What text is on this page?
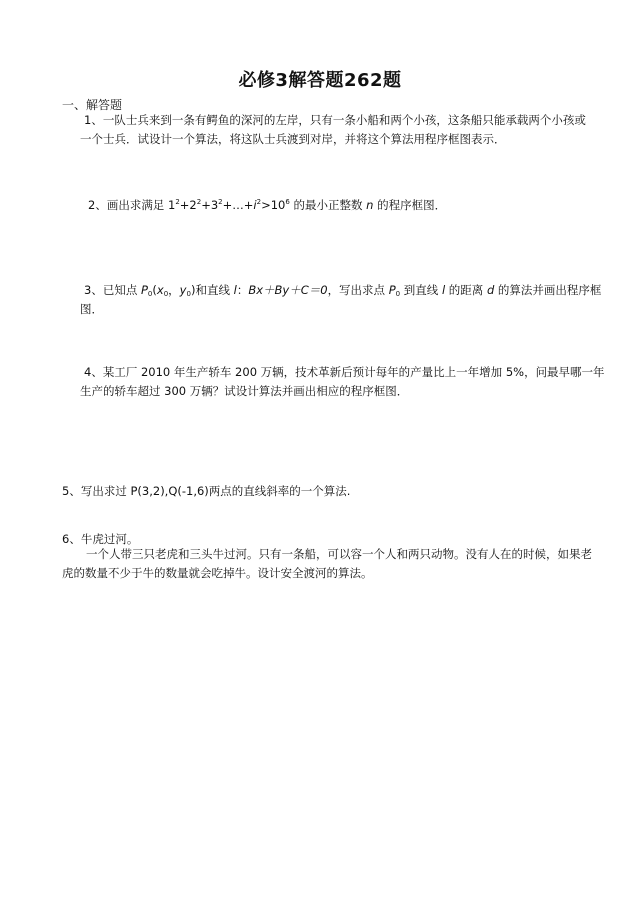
必修3解答题262题
一、解答题
1、一队士兵来到一条有鳄鱼的深河的左岸，只有一条小船和两个小孩，这条船只能承载两个小孩或
一个士兵．试设计一个算法，将这队士兵渡到对岸，并将这个算法用程序框图表示．
2、画出求满足 $1^2+2^2+3^2+\dots+i^2>10^6$ 的最小正整数 n 的程序框图．
3、已知点 $P_0(x_0$，$y_0$)和直线 l：Bx＋By＋C＝0，写出求点 $P_0$ 到直线 l 的距离 d 的算法并画出程序框
图．
4、某工厂 2010 年生产轿车 200 万辆，技术革新后预计每年的产量比上一年增加 5%，问最早哪一年
生产的轿车超过 300 万辆？试设计算法并画出相应的程序框图．
5、写出求过 P(3,2),Q(-1,6)两点的直线斜率的一个算法.
6、牛虎过河。
一个人带三只老虎和三头牛过河。只有一条船，可以容一个人和两只动物。没有人在的时候，如果老
虎的数量不少于牛的数量就会吃掉牛。设计安全渡河的算法。
